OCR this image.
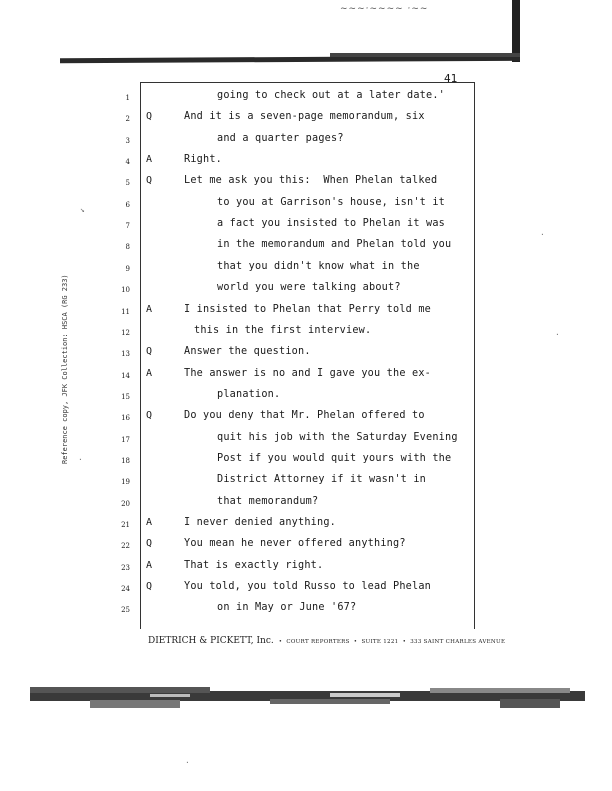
~~~·~~~~ ·~~
41
Reference copy, JFK Collection: HSCA (RG 233)
1	going to check out at a later date.'
2 Q	And it is a seven-page memorandum, six
3	and a quarter pages?
4 A	Right.
5 Q	Let me ask you this:  When Phelan talked
6	to you at Garrison's house, isn't it
7	a fact you insisted to Phelan it was
8	in the memorandum and Phelan told you
9	that you didn't know what in the
10	world you were talking about?
11 A	I insisted to Phelan that Perry told me
12	this in the first interview.
13 Q	Answer the question.
14 A	The answer is no and I gave you the ex-
15	planation.
16 Q	Do you deny that Mr. Phelan offered to
17	quit his job with the Saturday Evening
18	Post if you would quit yours with the
19	District Attorney if it wasn't in
20	that memorandum?
21 A	I never denied anything.
22 Q	You mean he never offered anything?
23 A	That is exactly right.
24 Q	You told, you told Russo to lead Phelan
25	on in May or June '67?
DIETRICH & PICKETT, Inc. • COURT REPORTERS • SUITE 1221 • 333 SAINT CHARLES AVENUE
·
·
↘
·
·
